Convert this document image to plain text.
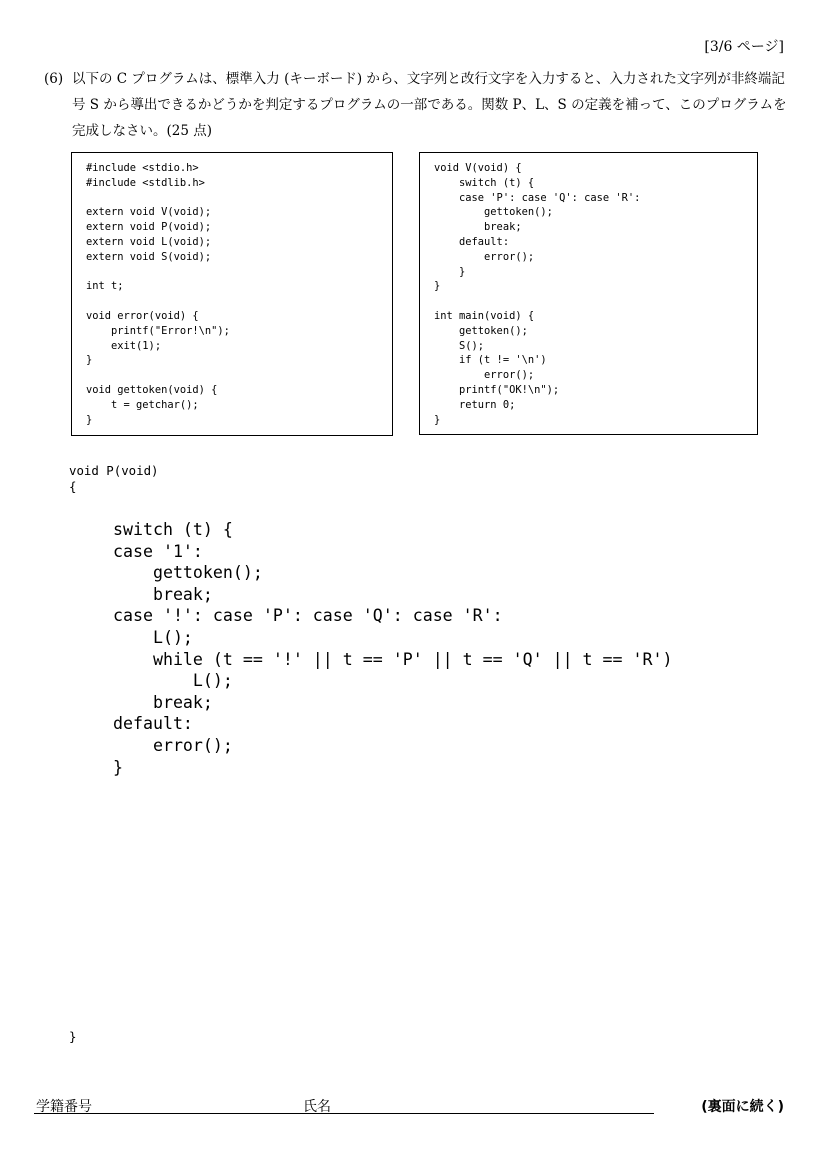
[3/6 ページ]
(6) 以下の C プログラムは、標準入力 (キーボード) から、文字列と改行文字を入力すると、入力された文字列が非終端記号 S から導出できるかどうかを判定するプログラムの一部である。関数 P、L、S の定義を補って、このプログラムを完成しなさい。(25 点)
#include <stdio.h>
#include <stdlib.h>
extern void V(void);
extern void P(void);
extern void L(void);
extern void S(void);
int t;
void error(void) {
printf("Error!\n");
exit(1);
}
void gettoken(void) {
t = getchar();
}
void V(void) {
switch (t) {
case 'P': case 'Q': case 'R':
gettoken();
break;
default:
error();
}
}
int main(void) {
gettoken();
S();
if (t != '\n')
error();
printf("OK!\n");
return 0;
}
void P(void)
{
switch (t) {
case '1':
gettoken();
break;
case '!': case 'P': case 'Q': case 'R':
L();
while (t == '!' || t == 'P' || t == 'Q' || t == 'R')
L();
break;
default:
error();
}
}
学籍番号	氏名	(裏面に続く)
